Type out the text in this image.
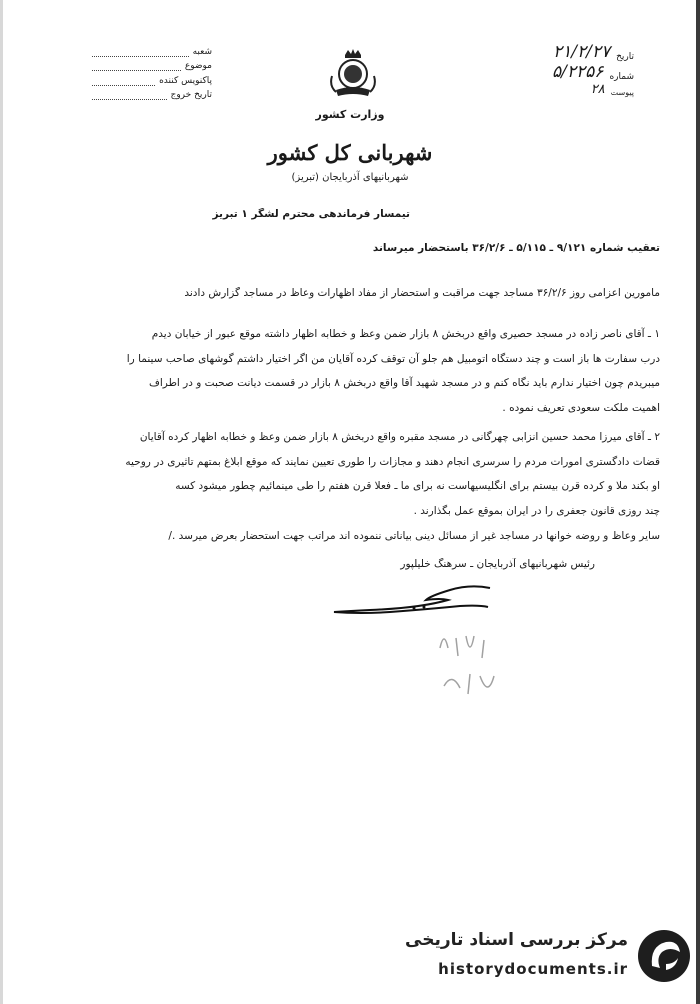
شعبه
موضوع
پاکنویس کننده
تاریخ خروج
تاریخ
۲۱/۲/۲۷
شماره
۵/۲۲۵۶
پیوست
۲۸
وزارت کشور
شهربانی کل کشور
شهربانیهای آذربایجان (تبریز)
تیمسار فرماندهی محترم لشگر ۱ تبریز
تعقیب شماره ۹/۱۲۱ ـ ۵/۱۱۵ ـ ۳۶/۲/۶ باستحضار میرساند
مامورین اعزامی روز ۳۶/۲/۶ مساجد جهت مراقبت و استحضار از مفاد اظهارات وعاظ در مساجد گزارش دادند
۱ ـ آقای ناصر زاده در مسجد حصیری واقع دربخش ۸ بازار ضمن وعظ و خطابه اظهار داشته موقع عبور از خیابان دیدم
درب سفارت ها باز است و چند دستگاه اتومبیل هم جلو آن توقف کرده آقایان من اگر اختیار داشتم گوشهای صاحب سینما را
میبریدم چون اختیار ندارم باید نگاه کنم و در مسجد شهید آقا واقع دربخش ۸ بازار در قسمت دیانت صحبت و در اطراف
اهمیت ملکت سعودی تعریف نموده .
۲ ـ آقای میرزا محمد حسین انزابی چهرگانی در مسجد مقبره واقع دربخش ۸ بازار ضمن وعظ و خطابه اظهار کرده آقایان
قضات دادگستری امورات مردم را سرسری انجام دهند و مجازات را طوری تعیین نمایند که موقع ابلاغ بمتهم تاثیری در روحیه
او بکند ملا و کرده قرن بیستم برای انگلیسیهاست نه برای ما ـ فعلا قرن هفتم را طی مینمائیم چطور میشود کسه
چند روزی قانون جعفری را در ایران بموقع عمل بگذارند .
سایر وعاظ و روضه خوانها در مساجد غیر از مسائل دینی بیاناتی ننموده اند مراتب جهت استحضار بعرض میرسد ./
رئیس شهربانیهای آذربایجان ـ سرهنگ خلیلپور
مرکز بررسی اسناد تاریخی
historydocuments.ir
